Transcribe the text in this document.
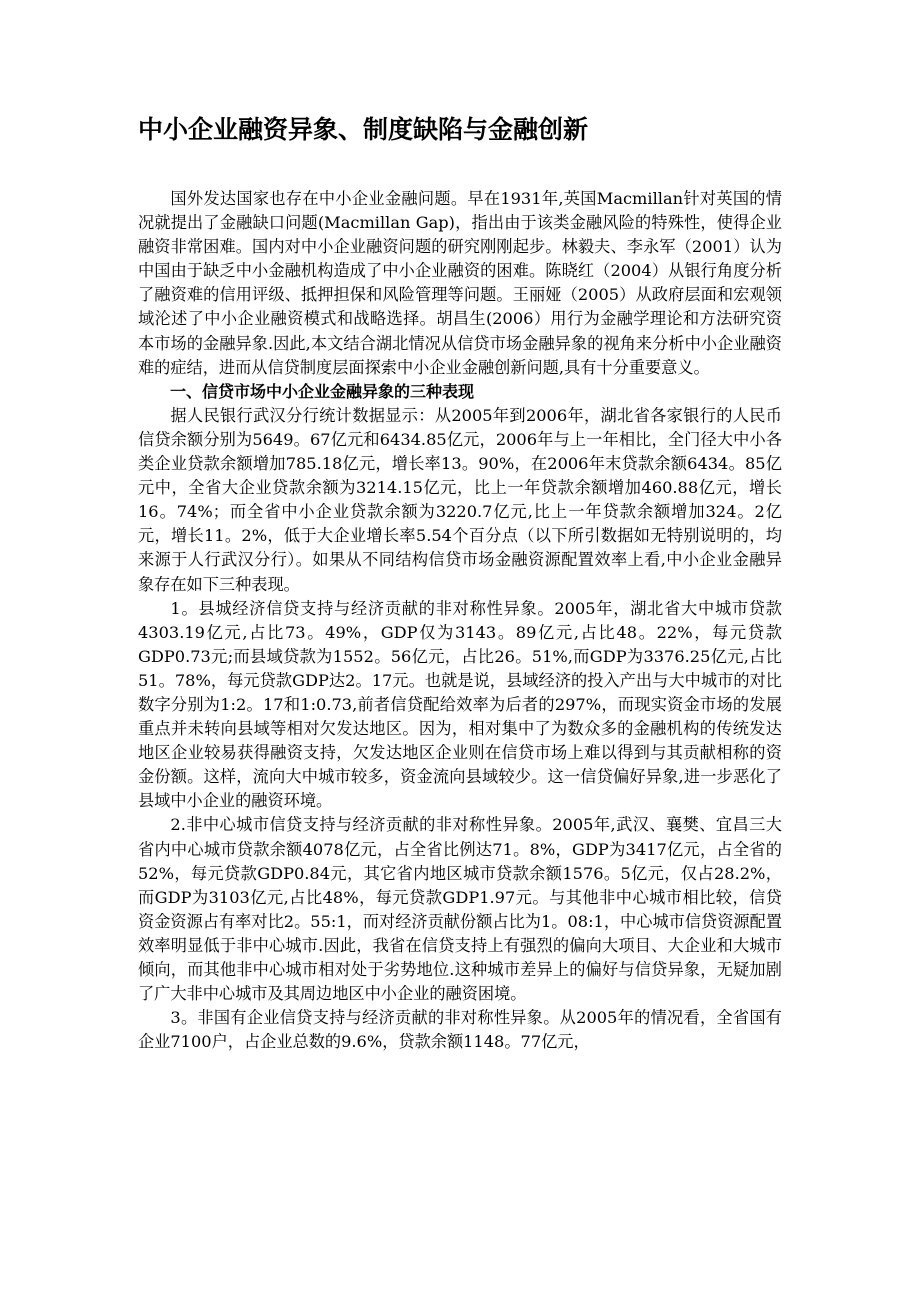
中小企业融资异象、制度缺陷与金融创新

国外发达国家也存在中小企业金融问题。早在1931年,英国Macmillan针对英国的情况就提出了金融缺口问题(Macmillan Gap)，指出由于该类金融风险的特殊性，使得企业融资非常困难。国内对中小企业融资问题的研究刚刚起步。林毅夫、李永军（2001）认为中国由于缺乏中小金融机构造成了中小企业融资的困难。陈晓红（2004）从银行角度分析了融资难的信用评级、抵押担保和风险管理等问题。王丽娅（2005）从政府层面和宏观领域沦述了中小企业融资模式和战略选择。胡昌生(2006）用行为金融学理论和方法研究资本市场的金融异象.因此,本文结合湖北情况从信贷市场金融异象的视角来分析中小企业融资难的症结，进而从信贷制度层面探索中小企业金融创新问题,具有十分重要意义。

一、信贷市场中小企业金融异象的三种表现

据人民银行武汉分行统计数据显示：从2005年到2006年，湖北省各家银行的人民币信贷余额分别为5649。67亿元和6434.85亿元，2006年与上一年相比，全门径大中小各类企业贷款余额增加785.18亿元，增长率13。90%，在2006年末贷款余额6434。85亿元中，全省大企业贷款余额为3214.15亿元，比上一年贷款余额增加460.88亿元，增长16。74%；而全省中小企业贷款余额为3220.7亿元,比上一年贷款余额增加324。2亿元，增长11。2%，低于大企业增长率5.54个百分点（以下所引数据如无特别说明的，均来源于人行武汉分行）。如果从不同结构信贷市场金融资源配置效率上看,中小企业金融异象存在如下三种表现。

1。县城经济信贷支持与经济贡献的非对称性异象。2005年，湖北省大中城市贷款4303.19亿元,占比73。49%，GDP仅为3143。89亿元,占比48。22%，每元贷款GDP0.73元;而县域贷款为1552。56亿元，占比26。51%,而GDP为3376.25亿元,占比51。78%，每元贷款GDP达2。17元。也就是说，县域经济的投入产出与大中城市的对比数字分别为1:2。17和1:0.73,前者信贷配给效率为后者的297%，而现实资金市场的发展重点并未转向县域等相对欠发达地区。因为，相对集中了为数众多的金融机构的传统发达地区企业较易获得融资支持，欠发达地区企业则在信贷市场上难以得到与其贡献相称的资金份额。这样，流向大中城市较多，资金流向县域较少。这一信贷偏好异象,进一步恶化了县域中小企业的融资环境。

2.非中心城市信贷支持与经济贡献的非对称性异象。2005年,武汉、襄樊、宜昌三大省内中心城市贷款余额4078亿元，占全省比例达71。8%，GDP为3417亿元，占全省的52%，每元贷款GDP0.84元，其它省内地区城市贷款余额1576。5亿元，仅占28.2%，而GDP为3103亿元,占比48%，每元贷款GDP1.97元。与其他非中心城市相比较，信贷资金资源占有率对比2。55:1，而对经济贡献份额占比为1。08:1，中心城市信贷资源配置效率明显低于非中心城市.因此，我省在信贷支持上有强烈的偏向大项目、大企业和大城市倾向，而其他非中心城市相对处于劣势地位.这种城市差异上的偏好与信贷异象，无疑加剧了广大非中心城市及其周边地区中小企业的融资困境。

3。非国有企业信贷支持与经济贡献的非对称性异象。从2005年的情况看，全省国有企业7100户，占企业总数的9.6%，贷款余额1148。77亿元，
